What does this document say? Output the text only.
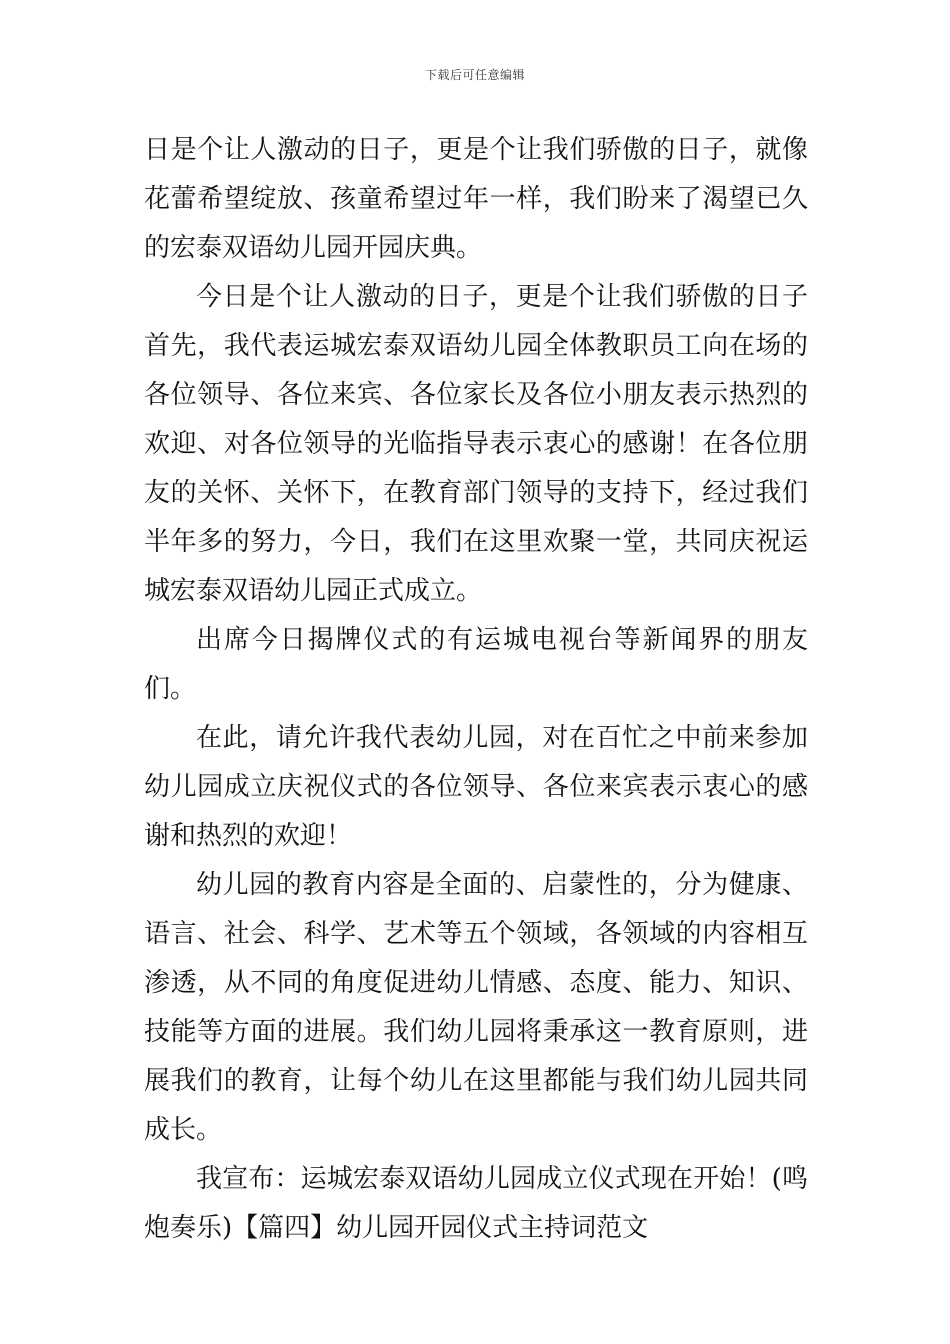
下载后可任意编辑

日是个让人激动的日子，更是个让我们骄傲的日子，就像花蕾希望绽放、孩童希望过年一样，我们盼来了渴望已久的宏泰双语幼儿园开园庆典。

今日是个让人激动的日子，更是个让我们骄傲的日子首先，我代表运城宏泰双语幼儿园全体教职员工向在场的各位领导、各位来宾、各位家长及各位小朋友表示热烈的欢迎、对各位领导的光临指导表示衷心的感谢！在各位朋友的关怀、关怀下，在教育部门领导的支持下，经过我们半年多的努力，今日，我们在这里欢聚一堂，共同庆祝运城宏泰双语幼儿园正式成立。

出席今日揭牌仪式的有运城电视台等新闻界的朋友们。

在此，请允许我代表幼儿园，对在百忙之中前来参加幼儿园成立庆祝仪式的各位领导、各位来宾表示衷心的感谢和热烈的欢迎！

幼儿园的教育内容是全面的、启蒙性的，分为健康、语言、社会、科学、艺术等五个领域，各领域的内容相互渗透，从不同的角度促进幼儿情感、态度、能力、知识、技能等方面的进展。我们幼儿园将秉承这一教育原则，进展我们的教育，让每个幼儿在这里都能与我们幼儿园共同成长。

我宣布：运城宏泰双语幼儿园成立仪式现在开始！(鸣炮奏乐)【篇四】幼儿园开园仪式主持词范文
